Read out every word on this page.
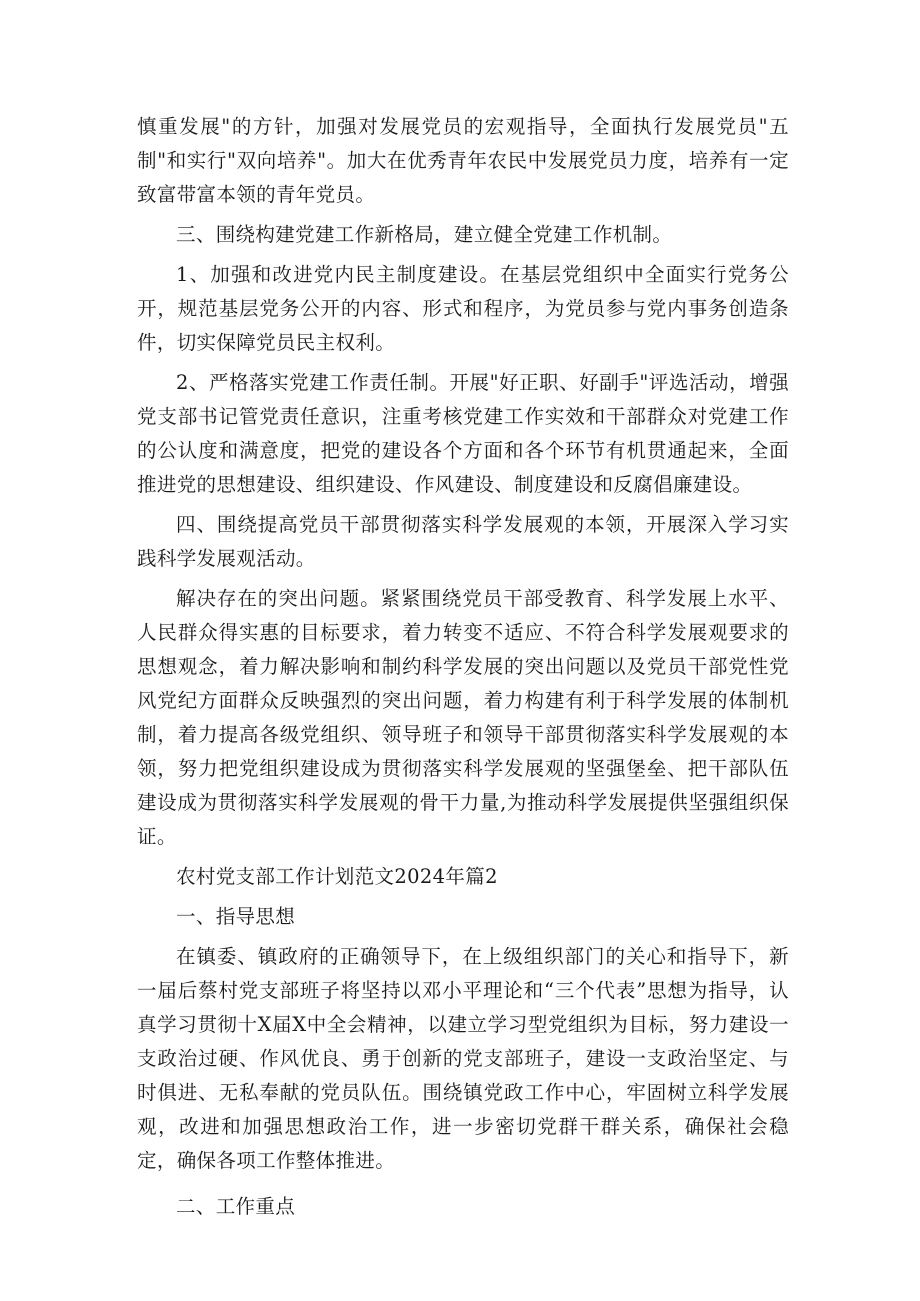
慎重发展"的方针，加强对发展党员的宏观指导，全面执行发展党员"五制"和实行"双向培养"。加大在优秀青年农民中发展党员力度，培养有一定致富带富本领的青年党员。

三、围绕构建党建工作新格局，建立健全党建工作机制。

1、加强和改进党内民主制度建设。在基层党组织中全面实行党务公开，规范基层党务公开的内容、形式和程序，为党员参与党内事务创造条件，切实保障党员民主权利。

2、严格落实党建工作责任制。开展"好正职、好副手"评选活动，增强党支部书记管党责任意识，注重考核党建工作实效和干部群众对党建工作的公认度和满意度，把党的建设各个方面和各个环节有机贯通起来，全面推进党的思想建设、组织建设、作风建设、制度建设和反腐倡廉建设。

四、围绕提高党员干部贯彻落实科学发展观的本领，开展深入学习实践科学发展观活动。

解决存在的突出问题。紧紧围绕党员干部受教育、科学发展上水平、人民群众得实惠的目标要求，着力转变不适应、不符合科学发展观要求的思想观念，着力解决影响和制约科学发展的突出问题以及党员干部党性党风党纪方面群众反映强烈的突出问题，着力构建有利于科学发展的体制机制，着力提高各级党组织、领导班子和领导干部贯彻落实科学发展观的本领，努力把党组织建设成为贯彻落实科学发展观的坚强堡垒、把干部队伍建设成为贯彻落实科学发展观的骨干力量,为推动科学发展提供坚强组织保证。

农村党支部工作计划范文2024年篇2

一、指导思想

在镇委、镇政府的正确领导下，在上级组织部门的关心和指导下，新一届后蔡村党支部班子将坚持以邓小平理论和“三个代表”思想为指导，认真学习贯彻十X届X中全会精神，以建立学习型党组织为目标，努力建设一支政治过硬、作风优良、勇于创新的党支部班子，建设一支政治坚定、与时俱进、无私奉献的党员队伍。围绕镇党政工作中心，牢固树立科学发展观，改进和加强思想政治工作，进一步密切党群干群关系，确保社会稳定，确保各项工作整体推进。

二、工作重点
